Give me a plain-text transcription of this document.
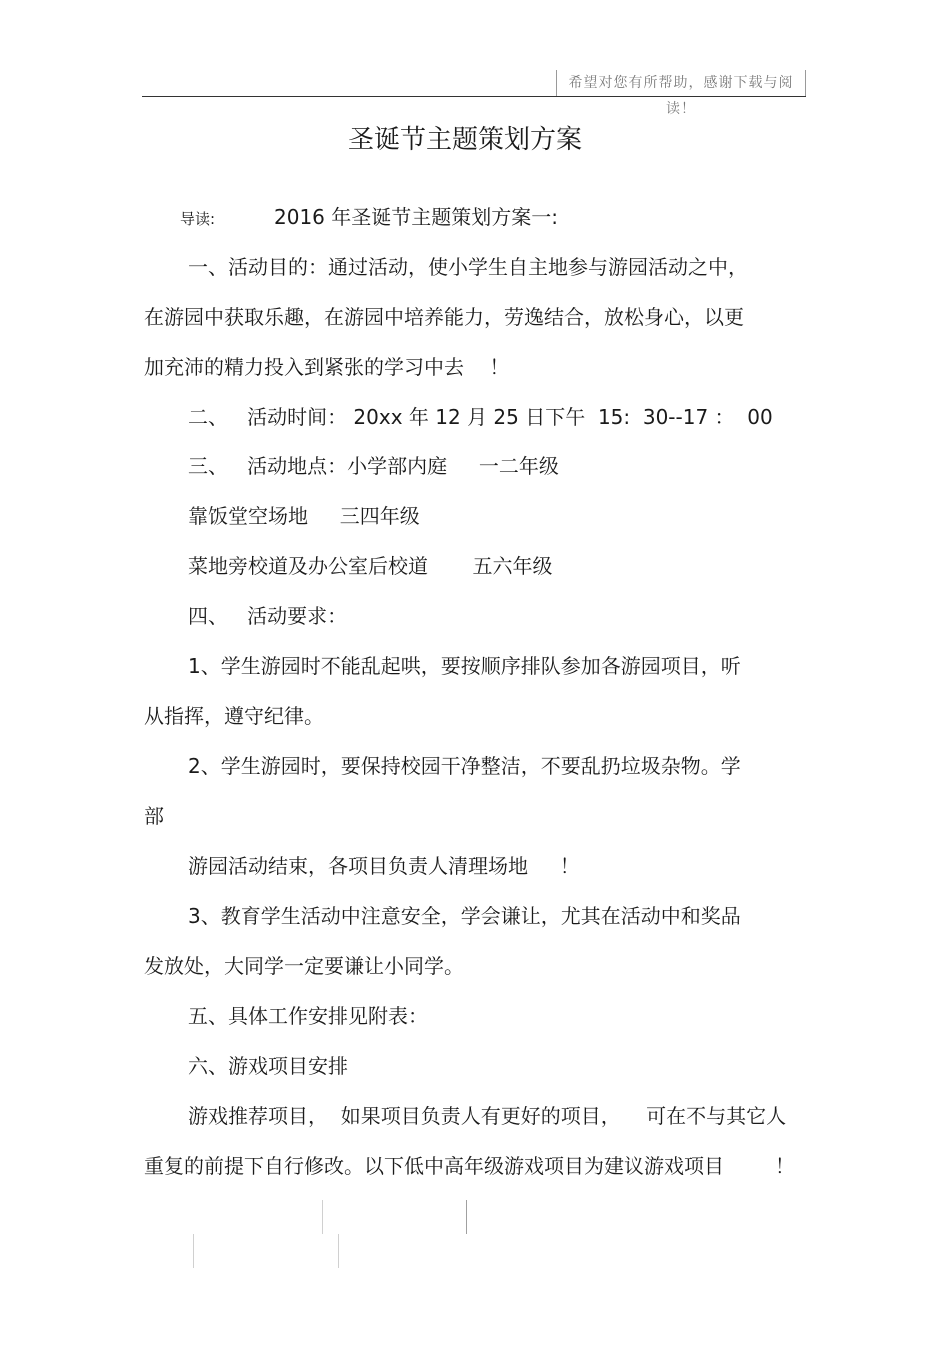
希望对您有所帮助，感谢下载与阅读！
圣诞节主题策划方案
导读:	2016 年圣诞节主题策划方案一:
一、活动目的：通过活动，使小学生自主地参与游园活动之中，
在游园中获取乐趣，在游园中培养能力，劳逸结合，放松身心，以更
加充沛的精力投入到紧张的学习中去    ！
二、   活动时间： 20xx 年 12 月 25 日下午  15:  30--17 ：  00
三、   活动地点：小学部内庭     一二年级
靠饭堂空场地     三四年级
菜地旁校道及办公室后校道       五六年级
四、   活动要求：
1、学生游园时不能乱起哄，要按顺序排队参加各游园项目，听
从指挥，遵守纪律。
2、学生游园时，要保持校园干净整洁，不要乱扔垃圾杂物。学
部
游园活动结束，各项目负责人清理场地     ！
3、教育学生活动中注意安全，学会谦让，尤其在活动中和奖品
发放处，大同学一定要谦让小同学。
五、具体工作安排见附表：
六、游戏项目安排
游戏推荐项目，  如果项目负责人有更好的项目，    可在不与其它人
重复的前提下自行修改。以下低中高年级游戏项目为建议游戏项目        ！
